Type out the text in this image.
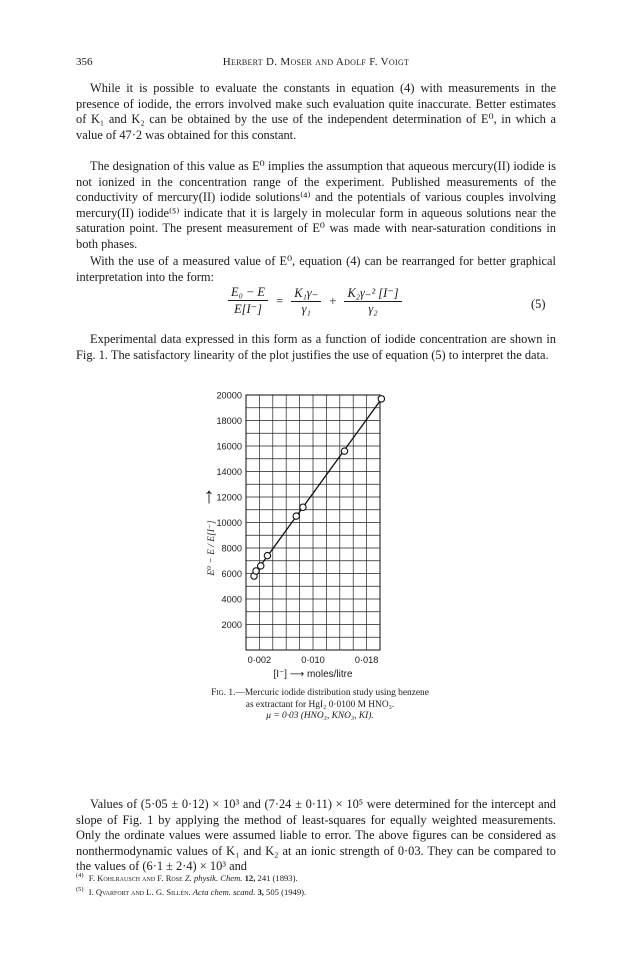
356	Herbert D. Moser and Adolf F. Voigt

While it is possible to evaluate the constants in equation (4) with measurements in the presence of iodide, the errors involved make such evaluation quite inaccurate. Better estimates of K₁ and K₂ can be obtained by the use of the independent determination of E⁰, in which a value of 47·2 was obtained for this constant.

The designation of this value as E⁰ implies the assumption that aqueous mercury(II) iodide is not ionized in the concentration range of the experiment. Published measurements of the conductivity of mercury(II) iodide solutions⁽⁴⁾ and the potentials of various couples involving mercury(II) iodide⁽⁵⁾ indicate that it is largely in molecular form in aqueous solutions near the saturation point. The present measurement of E⁰ was made with near-saturation conditions in both phases.

With the use of a measured value of E⁰, equation (4) can be rearranged for better graphical interpretation into the form:

$\frac{\text{E₀ − E}}{E[I^-]} = \frac{\text{K₁γ₋}}{\text{γ₁}} + \frac{\text{K₂γ₋² [I⁻]}}{\text{γ₂}}$	(5)

Experimental data expressed in this form as a function of iodide concentration are shown in Fig. 1. The satisfactory linearity of the plot justifies the use of equation (5) to interpret the data.

2000
4000
6000
8000
10000
12000
14000
16000
18000
20000
0·002	0·010	0·018
↑
E⁰ − E / E[I⁻]
[I⁻] ⟶ moles/litre
Fig. 1.—Mercuric iodide distribution study using benzene
as extractant for HgI₂ 0·0100 M HNO₃.
μ = 0·03 (HNO₃, KNO₃, KI).

Values of (5·05 ± 0·12) × 10³ and (7·24 ± 0·11) × 10⁵ were determined for the intercept and slope of Fig. 1 by applying the method of least-squares for equally weighted measurements. Only the ordinate values were assumed liable to error. The above figures can be considered as nonthermodynamic values of K₁ and K₂ at an ionic strength of 0·03. They can be compared to the values of (6·1 ± 2·4) × 10³ and

$^{(4)}$ F. Kohlrausch and F. Rose Z. physik. Chem. 12, 241 (1893).
$^{(5)}$ I. Qvarfort and L. G. Sillén. Acta chem. scand. 3, 505 (1949).
